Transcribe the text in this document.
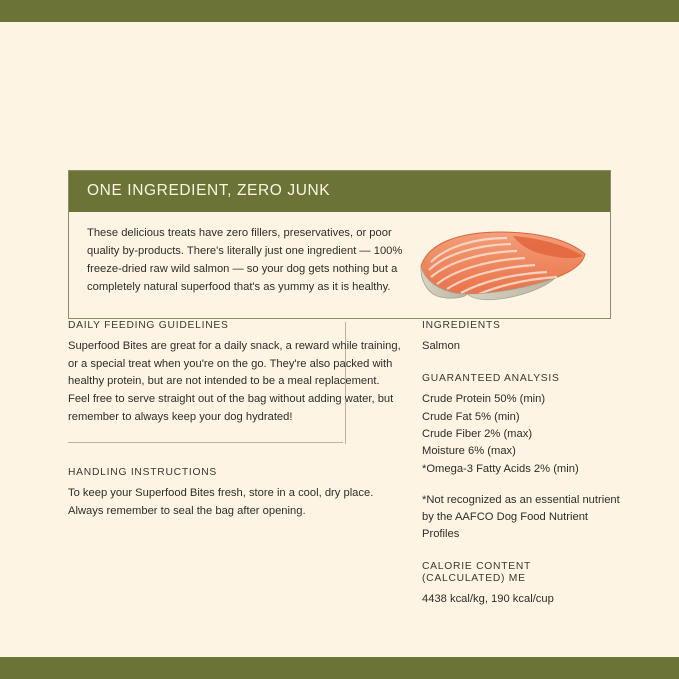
ONE INGREDIENT, ZERO JUNK
These delicious treats have zero fillers, preservatives, or poor quality by-products. There's literally just one ingredient — 100% freeze-dried raw wild salmon — so your dog gets nothing but a completely natural superfood that's as yummy as it is healthy.
DAILY FEEDING GUIDELINES

Superfood Bites are great for a daily snack, a reward while training, or a special treat when you're on the go. They're also packed with healthy protein, but are not intended to be a meal replacement. Feel free to serve straight out of the bag without adding water, but remember to always keep your dog hydrated!

HANDLING INSTRUCTIONS

To keep your Superfood Bites fresh, store in a cool, dry place. Always remember to seal the bag after opening.

INGREDIENTS
Salmon
GUARANTEED ANALYSIS
Crude Protein 50% (min)
Crude Fat 5% (min)
Crude Fiber 2% (max)
Moisture 6% (max)
*Omega-3 Fatty Acids 2% (min)
*Not recognized as an essential nutrient by the AAFCO Dog Food Nutrient Profiles
CALORIE CONTENT
(CALCULATED) ME
4438 kcal/kg, 190 kcal/cup
